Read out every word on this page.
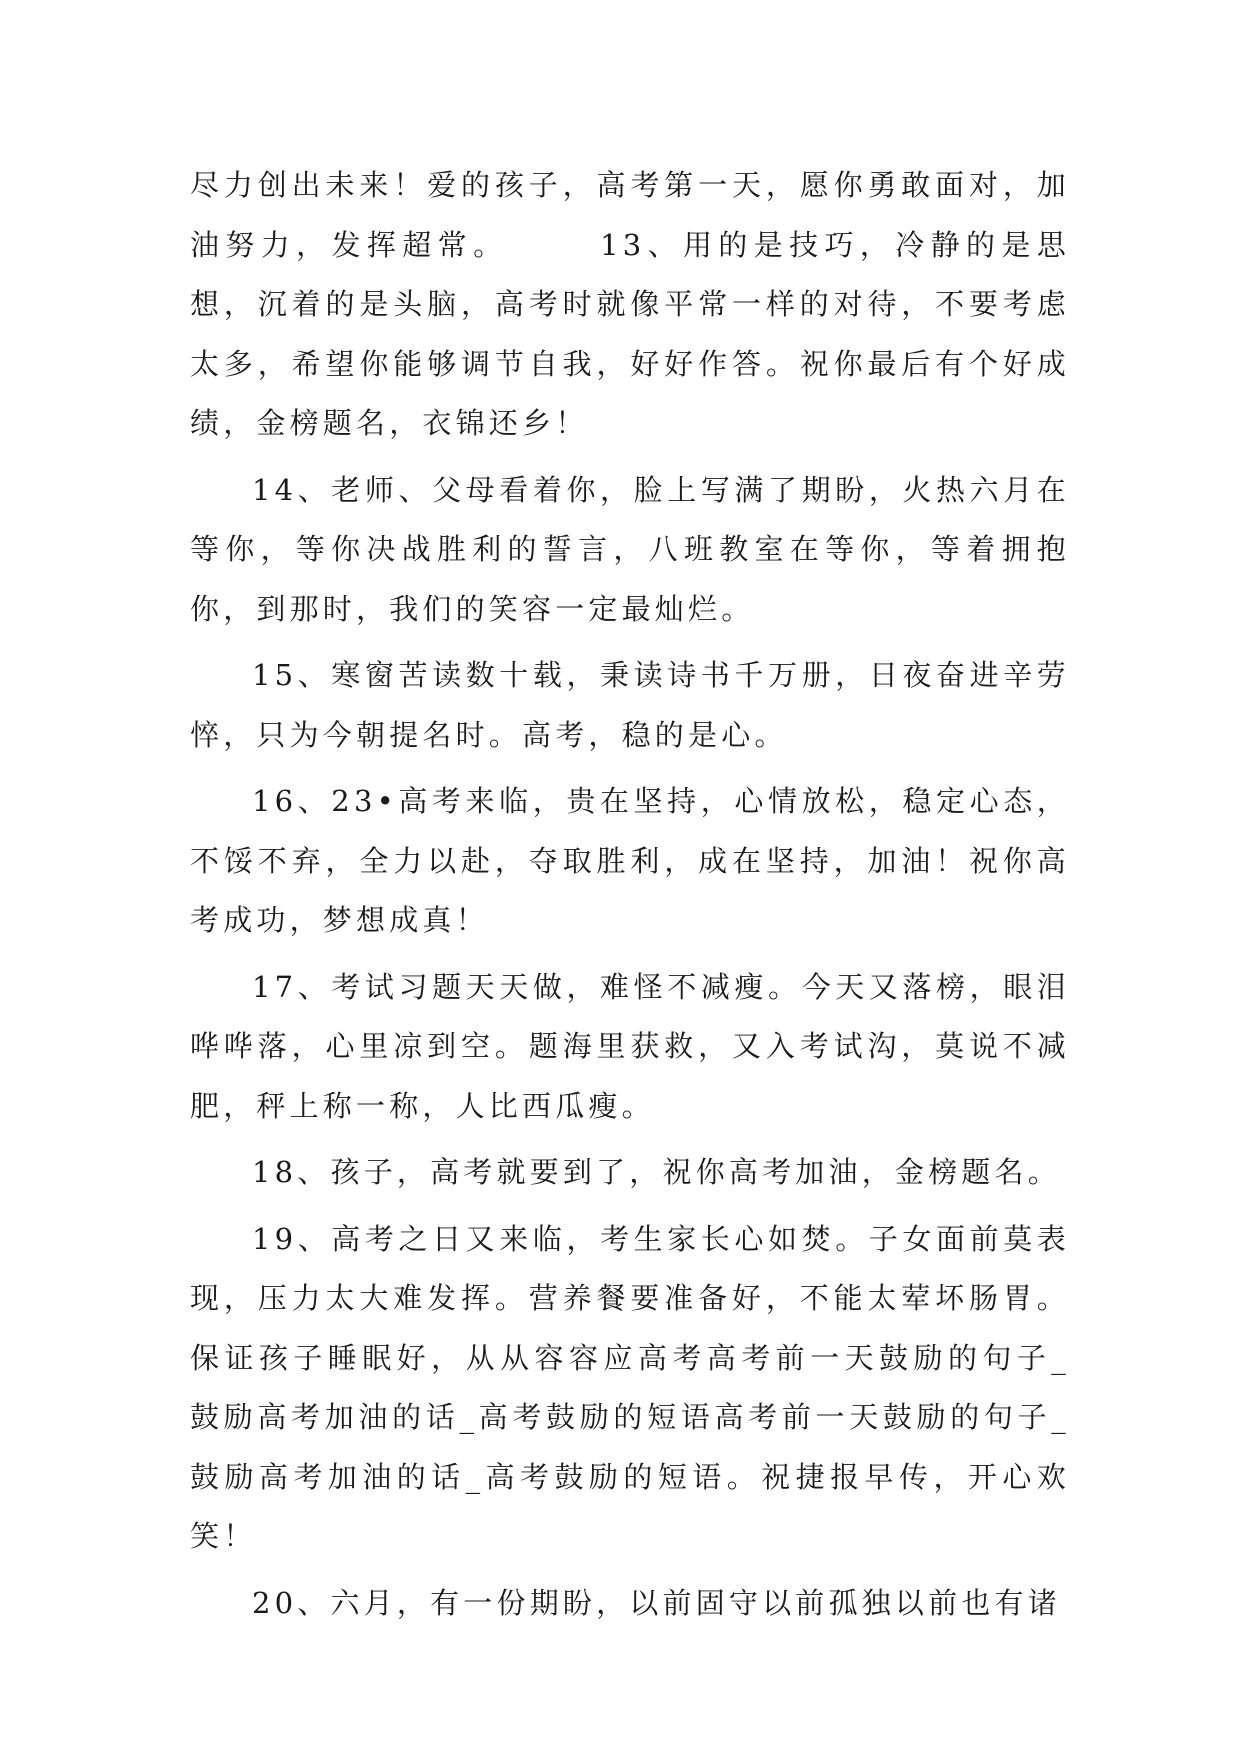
尽力创出未来！爱的孩子，高考第一天，愿你勇敢面对，加油努力，发挥超常。　　　13、用的是技巧，冷静的是思想，沉着的是头脑，高考时就像平常一样的对待，不要考虑太多，希望你能够调节自我，好好作答。祝你最后有个好成绩，金榜题名，衣锦还乡！

14、老师、父母看着你，脸上写满了期盼，火热六月在等你，等你决战胜利的誓言，八班教室在等你，等着拥抱你，到那时，我们的笑容一定最灿烂。

15、寒窗苦读数十载，秉读诗书千万册，日夜奋进辛劳悴，只为今朝提名时。高考，稳的是心。

16、23•高考来临，贵在坚持，心情放松，稳定心态，不馁不弃，全力以赴，夺取胜利，成在坚持，加油！祝你高考成功，梦想成真！

17、考试习题天天做，难怪不减瘦。今天又落榜，眼泪哗哗落，心里凉到空。题海里获救，又入考试沟，莫说不减肥，秤上称一称，人比西瓜瘦。

18、孩子，高考就要到了，祝你高考加油，金榜题名。

19、高考之日又来临，考生家长心如焚。子女面前莫表现，压力太大难发挥。营养餐要准备好，不能太荤坏肠胃。保证孩子睡眠好，从从容容应高考高考前一天鼓励的句子_鼓励高考加油的话_高考鼓励的短语高考前一天鼓励的句子_鼓励高考加油的话_高考鼓励的短语。祝捷报早传，开心欢笑！

20、六月，有一份期盼，以前固守以前孤独以前也有诸
